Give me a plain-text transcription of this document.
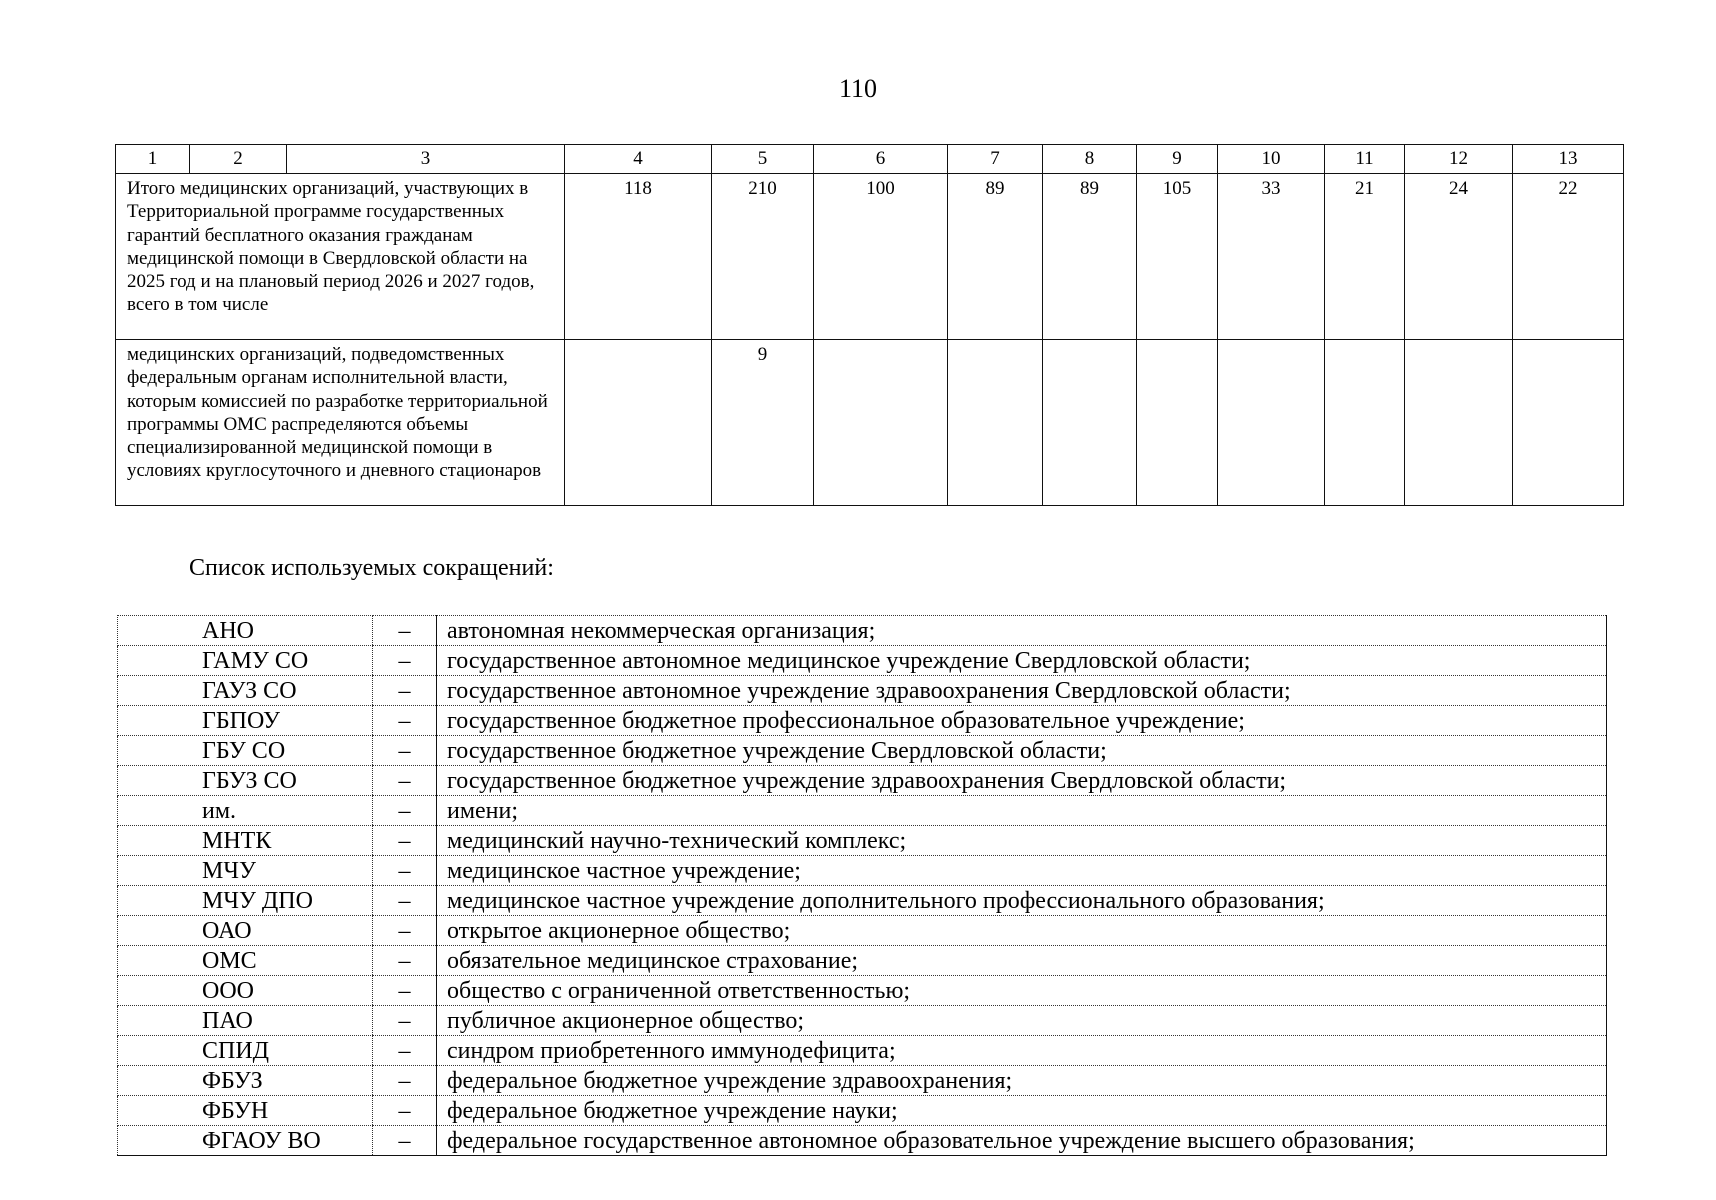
110
1	2	3	4	5	6	7	8	9	10	11	12	13
Итого медицинских организаций, участвующих в Территориальной программе государственных гарантий бесплатного оказания гражданам медицинской помощи в Свердловской области на 2025 год и на плановый период 2026 и 2027 годов, всего в том числе			118	210	100	89	89	105	33	21	24	22
медицинских организаций, подведомственных федеральным органам исполнительной власти, которым комиссией по разработке территориальной программы ОМС распределяются объемы специализированной медицинской помощи в условиях круглосуточного и дневного стационаров				9								
Список используемых сокращений:
АНО	–	автономная некоммерческая организация;
ГАМУ СО	–	государственное автономное медицинское учреждение Свердловской области;
ГАУЗ СО	–	государственное автономное учреждение здравоохранения Свердловской области;
ГБПОУ	–	государственное бюджетное профессиональное образовательное учреждение;
ГБУ СО	–	государственное бюджетное учреждение Свердловской области;
ГБУЗ СО	–	государственное бюджетное учреждение здравоохранения Свердловской области;
им.	–	имени;
МНТК	–	медицинский научно-технический комплекс;
МЧУ	–	медицинское частное учреждение;
МЧУ ДПО	–	медицинское частное учреждение дополнительного профессионального образования;
ОАО	–	открытое акционерное общество;
ОМС	–	обязательное медицинское страхование;
ООО	–	общество с ограниченной ответственностью;
ПАО	–	публичное акционерное общество;
СПИД	–	синдром приобретенного иммунодефицита;
ФБУЗ	–	федеральное бюджетное учреждение здравоохранения;
ФБУН	–	федеральное бюджетное учреждение науки;
ФГАОУ ВО	–	федеральное государственное автономное образовательное учреждение высшего образования;
